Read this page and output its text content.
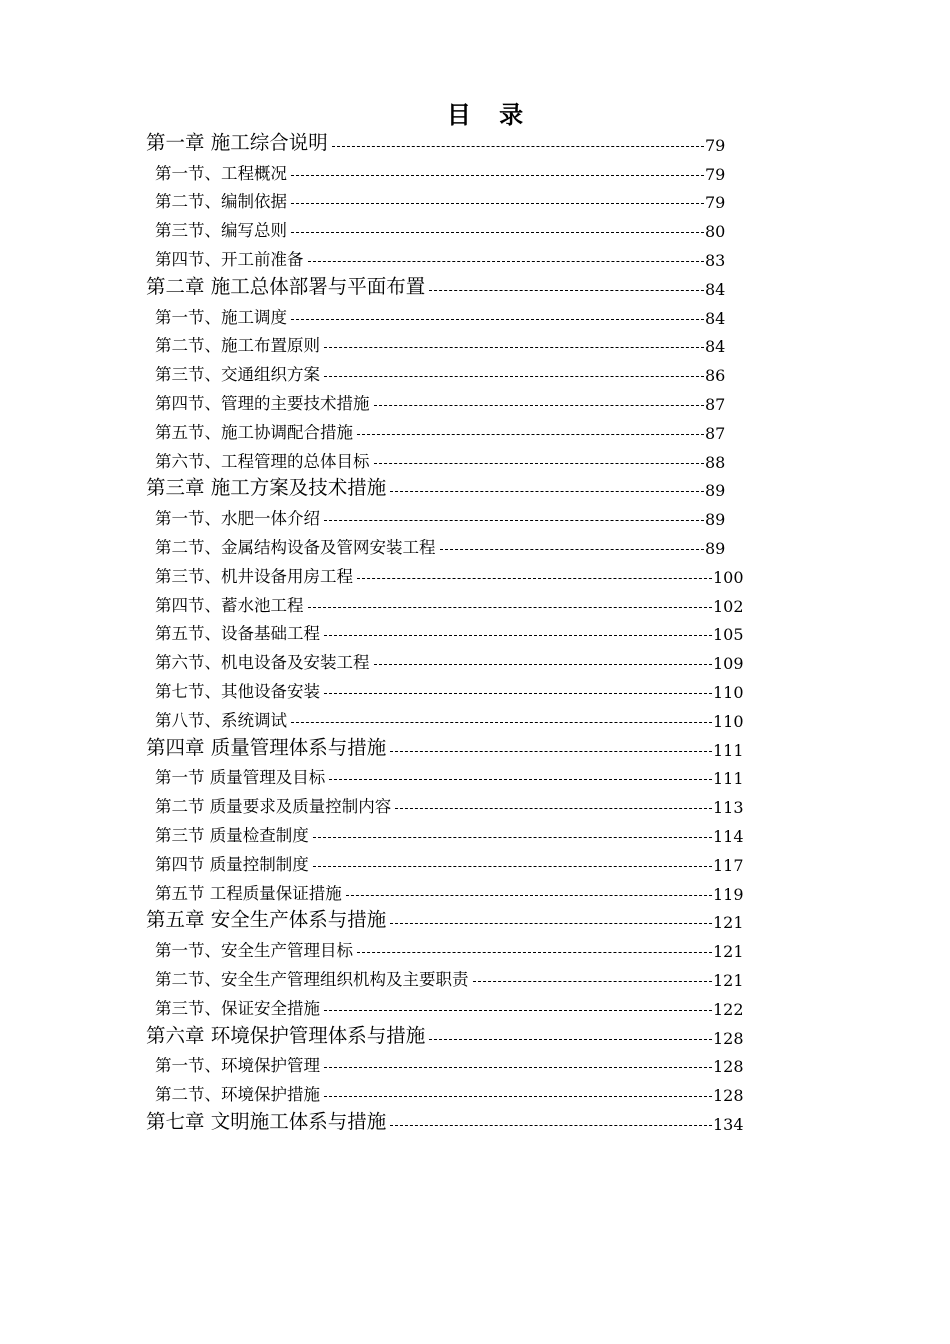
目 录
第一章 施工综合说明	79
第一节、工程概况	79
第二节、编制依据	79
第三节、编写总则	80
第四节、开工前准备	83
第二章 施工总体部署与平面布置	84
第一节、施工调度	84
第二节、施工布置原则	84
第三节、交通组织方案	86
第四节、管理的主要技术措施	87
第五节、施工协调配合措施	87
第六节、工程管理的总体目标	88
第三章 施工方案及技术措施	89
第一节、水肥一体介绍	89
第二节、金属结构设备及管网安装工程	89
第三节、机井设备用房工程	100
第四节、蓄水池工程	102
第五节、设备基础工程	105
第六节、机电设备及安装工程	109
第七节、其他设备安装	110
第八节、系统调试	110
第四章 质量管理体系与措施	111
第一节 质量管理及目标	111
第二节 质量要求及质量控制内容	113
第三节 质量检查制度	114
第四节 质量控制制度	117
第五节 工程质量保证措施	119
第五章 安全生产体系与措施	121
第一节、安全生产管理目标	121
第二节、安全生产管理组织机构及主要职责	121
第三节、保证安全措施	122
第六章 环境保护管理体系与措施	128
第一节、环境保护管理	128
第二节、环境保护措施	128
第七章 文明施工体系与措施	134
